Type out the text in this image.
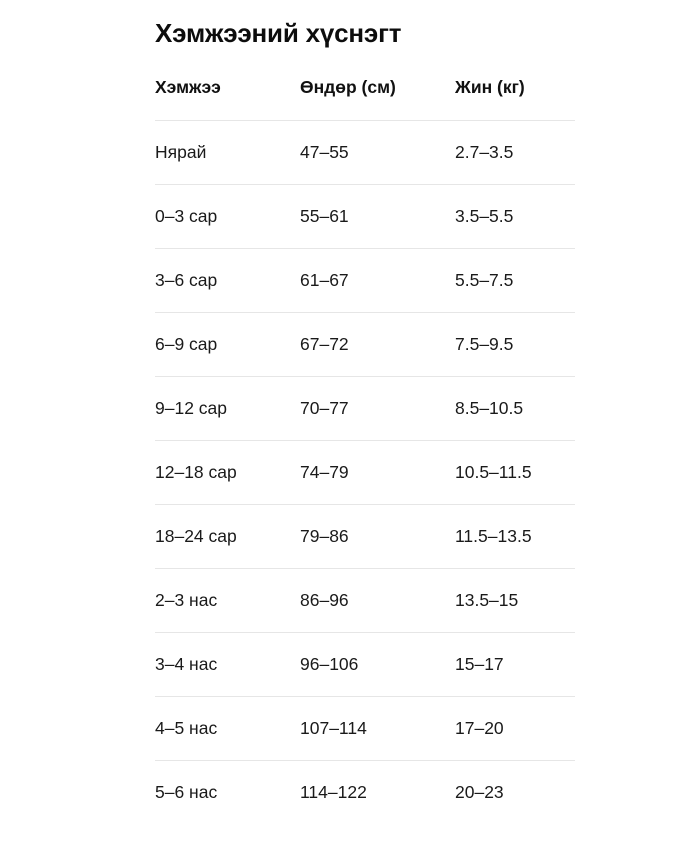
Хэмжээний хүснэгт
Хэмжээ	Өндөр (см)	Жин (кг)
Нярай	47–55	2.7–3.5
0–3 сар	55–61	3.5–5.5
3–6 сар	61–67	5.5–7.5
6–9 сар	67–72	7.5–9.5
9–12 сар	70–77	8.5–10.5
12–18 сар	74–79	10.5–11.5
18–24 сар	79–86	11.5–13.5
2–3 нас	86–96	13.5–15
3–4 нас	96–106	15–17
4–5 нас	107–114	17–20
5–6 нас	114–122	20–23
